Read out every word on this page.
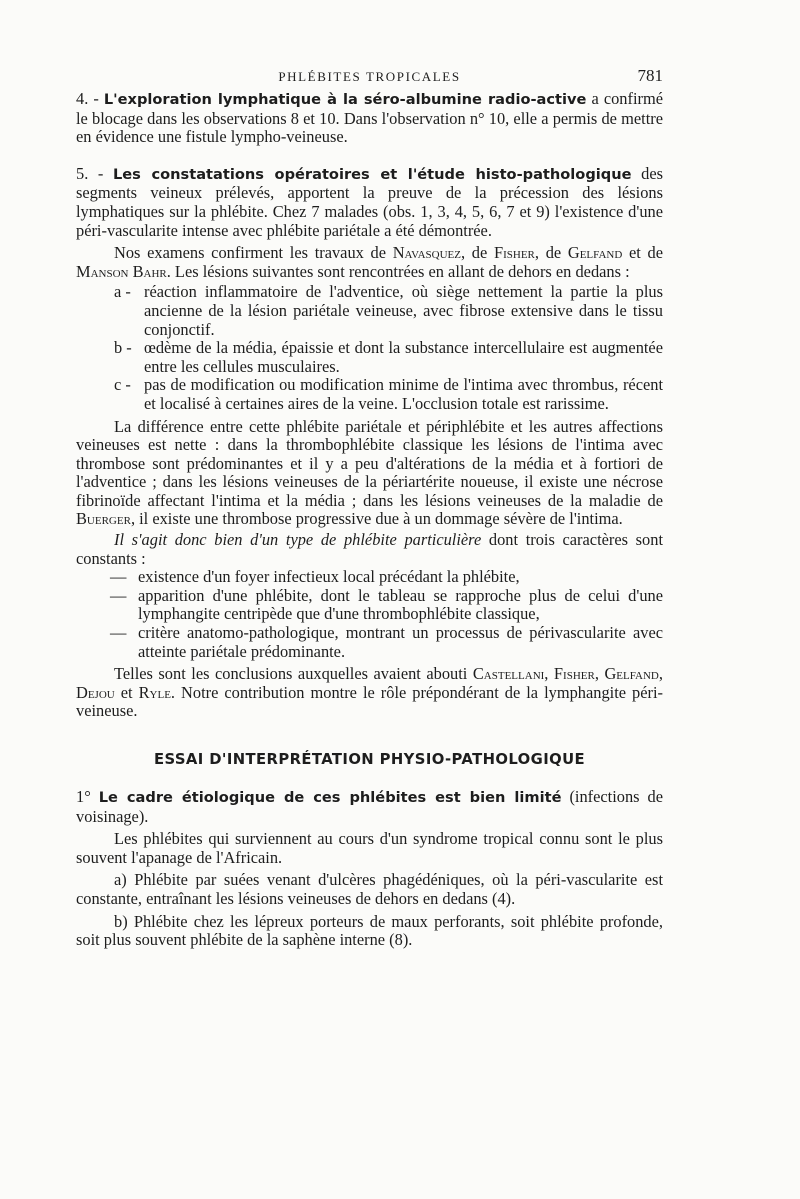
PHLÉBITES TROPICALES	781

4. - L'exploration lymphatique à la séro-albumine radio-active a confirmé le blocage dans les observations 8 et 10. Dans l'observation n° 10, elle a permis de mettre en évidence une fistule lympho-veineuse.

5. - Les constatations opératoires et l'étude histo-pathologique des segments veineux prélevés, apportent la preuve de la précession des lésions lymphatiques sur la phlébite. Chez 7 malades (obs. 1, 3, 4, 5, 6, 7 et 9) l'existence d'une péri-vascularite intense avec phlébite pariétale a été démontrée.

Nos examens confirment les travaux de Navasquez, de Fisher, de Gelfand et de Manson Bahr. Les lésions suivantes sont rencontrées en allant de dehors en dedans :

a - réaction inflammatoire de l'adventice, où siège nettement la partie la plus ancienne de la lésion pariétale veineuse, avec fibrose extensive dans le tissu conjonctif.
b - œdème de la média, épaissie et dont la substance intercellulaire est augmentée entre les cellules musculaires.
c - pas de modification ou modification minime de l'intima avec thrombus, récent et localisé à certaines aires de la veine. L'occlusion totale est rarissime.

La différence entre cette phlébite pariétale et périphlébite et les autres affections veineuses est nette : dans la thrombophlébite classique les lésions de l'intima avec thrombose sont prédominantes et il y a peu d'altérations de la média et à fortiori de l'adventice ; dans les lésions veineuses de la périartérite noueuse, il existe une nécrose fibrinoïde affectant l'intima et la média ; dans les lésions veineuses de la maladie de Buerger, il existe une thrombose progressive due à un dommage sévère de l'intima.

Il s'agit donc bien d'un type de phlébite particulière dont trois caractères sont constants :

— existence d'un foyer infectieux local précédant la phlébite,
— apparition d'une phlébite, dont le tableau se rapproche plus de celui d'une lymphangite centripède que d'une thrombophlébite classique,
— critère anatomo-pathologique, montrant un processus de périvascularite avec atteinte pariétale prédominante.

Telles sont les conclusions auxquelles avaient abouti Castellani, Fisher, Gelfand, Dejou et Ryle. Notre contribution montre le rôle prépondérant de la lymphangite péri-veineuse.

ESSAI D'INTERPRÉTATION PHYSIO-PATHOLOGIQUE

1° Le cadre étiologique de ces phlébites est bien limité (infections de voisinage).

Les phlébites qui surviennent au cours d'un syndrome tropical connu sont le plus souvent l'apanage de l'Africain.

a) Phlébite par suées venant d'ulcères phagédéniques, où la péri-vascularite est constante, entraînant les lésions veineuses de dehors en dedans (4).

b) Phlébite chez les lépreux porteurs de maux perforants, soit phlébite profonde, soit plus souvent phlébite de la saphène interne (8).
